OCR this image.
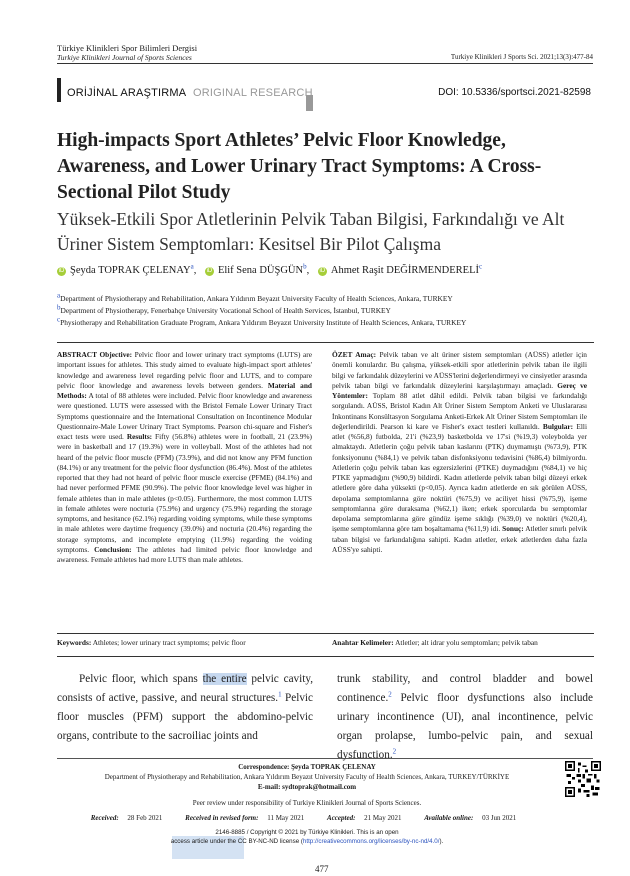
Türkiye Klinikleri Spor Bilimleri Dergisi
Turkiye Klinikleri Journal of Sports Sciences	Turkiye Klinikleri J Sports Sci. 2021;13(3):477-84
ORİJİNAL ARAŞTIRMA ORIGINAL RESEARCH	DOI: 10.5336/sportsci.2021-82598
High-impacts Sport Athletes’ Pelvic Floor Knowledge, Awareness, and Lower Urinary Tract Symptoms: A Cross-Sectional Pilot Study
Yüksek-Etkili Spor Atletlerinin Pelvik Taban Bilgisi, Farkındalığı ve Alt Üriner Sistem Semptomları: Kesitsel Bir Pilot Çalışma
iD Şeyda TOPRAK ÇELENAY$^a$, iD Elif Sena DÜŞGÜN$^b$, iD Ahmet Raşit DEĞİRMENDERELİ$^c$
$^a$Department of Physiotherapy and Rehabilitation, Ankara Yıldırım Beyazıt University Faculty of Health Sciences, Ankara, TURKEY
$^b$Department of Physiotherapy, Fenerbahçe University Vocational School of Health Services, İstanbul, TURKEY
$^c$Physiotherapy and Rehabilitation Graduate Program, Ankara Yıldırım Beyazıt University Institute of Health Sciences, Ankara, TURKEY
ABSTRACT Objective: Pelvic floor and lower urinary tract symptoms (LUTS) are important issues for athletes. This study aimed to evaluate high-impact sport athletes' knowledge and awareness level regarding pelvic floor and LUTS, and to compare pelvic floor knowledge and awareness levels between genders. Material and Methods: A total of 88 athletes were included. Pelvic floor knowledge and awareness were questioned. LUTS were assessed with the Bristol Female Lower Urinary Tract Symptoms questionnaire and the International Consultation on Incontinence Modular Questionnaire-Male Lower Urinary Tract Symptoms. Pearson chi-square and Fisher's exact tests were used. Results: Fifty (56.8%) athletes were in football, 21 (23.9%) were in basketball and 17 (19.3%) were in volleyball. Most of the athletes had not heard of the pelvic floor muscle (PFM) (73.9%), and did not know any PFM function (84.1%) or any treatment for the pelvic floor dysfunction (86.4%). Most of the athletes reported that they had not heard of pelvic floor muscle exercise (PFME) (84.1%) and had never performed PFME (90.9%). The pelvic floor knowledge level was higher in female athletes than in male athletes (p<0.05). Furthermore, the most common LUTS in female athletes were nocturia (75.9%) and urgency (75.9%) regarding the storage symptoms, and hesitance (62.1%) regarding voiding symptoms, while these symptoms in male athletes were daytime frequency (39.0%) and nocturia (20.4%) regarding the storage symptoms, and incomplete emptying (11.9%) regarding the voiding symptoms. Conclusion: The athletes had limited pelvic floor knowledge and awareness. Female athletes had more LUTS than male athletes.
ÖZET Amaç: Pelvik taban ve alt üriner sistem semptomları (AÜSS) atletler için önemli konulardır. Bu çalışma, yüksek-etkili spor atletlerinin pelvik taban ile ilgili bilgi ve farkındalık düzeylerini ve AÜSS'lerini değerlendirmeyi ve cinsiyetler arasında pelvik taban bilgi ve farkındalık düzeylerini karşılaştırmayı amaçladı. Gereç ve Yöntemler: Toplam 88 atlet dâhil edildi. Pelvik taban bilgisi ve farkındalığı sorgulandı. AÜSS, Bristol Kadın Alt Üriner Sistem Semptom Anketi ve Uluslararası İnkontinans Konsültasyon Sorgulama Anketi-Erkek Alt Üriner Sistem Semptomları ile değerlendirildi. Pearson ki kare ve Fisher's exact testleri kullanıldı. Bulgular: Elli atlet (%56,8) futbolda, 21'i (%23,9) basketbolda ve 17'si (%19,3) voleybolda yer almaktaydı. Atletlerin çoğu pelvik taban kaslarını (PTK) duymamıştı (%73,9), PTK fonksiyonunu (%84,1) ve pelvik taban disfonksiyonu tedavisini (%86,4) bilmiyordu. Atletlerin çoğu pelvik taban kas egzersizlerini (PTKE) duymadığını (%84,1) ve hiç PTKE yapmadığını (%90,9) bildirdi. Kadın atletlerde pelvik taban bilgi düzeyi erkek atletlere göre daha yüksekti (p<0,05). Ayrıca kadın atletlerde en sık görülen AÜSS, depolama semptomlarına göre noktüri (%75,9) ve aciliyet hissi (%75,9), işeme semptomlarına göre duraksama (%62,1) iken; erkek sporcularda bu semptomlar depolama semptomlarına göre gündüz işeme sıklığı (%39,0) ve noktüri (%20,4), işeme semptomlarına göre tam boşaltamama (%11,9) idi. Sonuç: Atletler sınırlı pelvik taban bilgisi ve farkındalığına sahipti. Kadın atletler, erkek atletlerden daha fazla AÜSS'ye sahipti.
Keywords: Athletes; lower urinary tract symptoms; pelvic floor	Anahtar Kelimeler: Atletler; alt idrar yolu semptomları; pelvik taban
Pelvic floor, which spans the entire pelvic cavity, consists of active, passive, and neural structures.$^1$ Pelvic floor muscles (PFM) support the abdomino-pelvic organs, contribute to the sacroiliac joints and
trunk stability, and control bladder and bowel continence.$^2$ Pelvic floor dysfunctions also include urinary incontinence (UI), anal incontinence, pelvic organ prolapse, lumbo-pelvic pain, and sexual dysfunction.$^2$
Correspondence: Şeyda TOPRAK ÇELENAY
Department of Physiotherapy and Rehabilitation, Ankara Yıldırım Beyazıt University Faculty of Health Sciences, Ankara, TURKEY/TÜRKİYE
E-mail: sydtoprak@hotmail.com
Peer review under responsibility of Turkiye Klinikleri Journal of Sports Sciences.
Received: 28 Feb 2021	Received in revised form: 11 May 2021	Accepted: 21 May 2021	Available online: 03 Jun 2021
2146-8885 / Copyright © 2021 by Türkiye Klinikleri. This is an open
access article under the CC BY-NC-ND license (http://creativecommons.org/licenses/by-nc-nd/4.0/).
477
